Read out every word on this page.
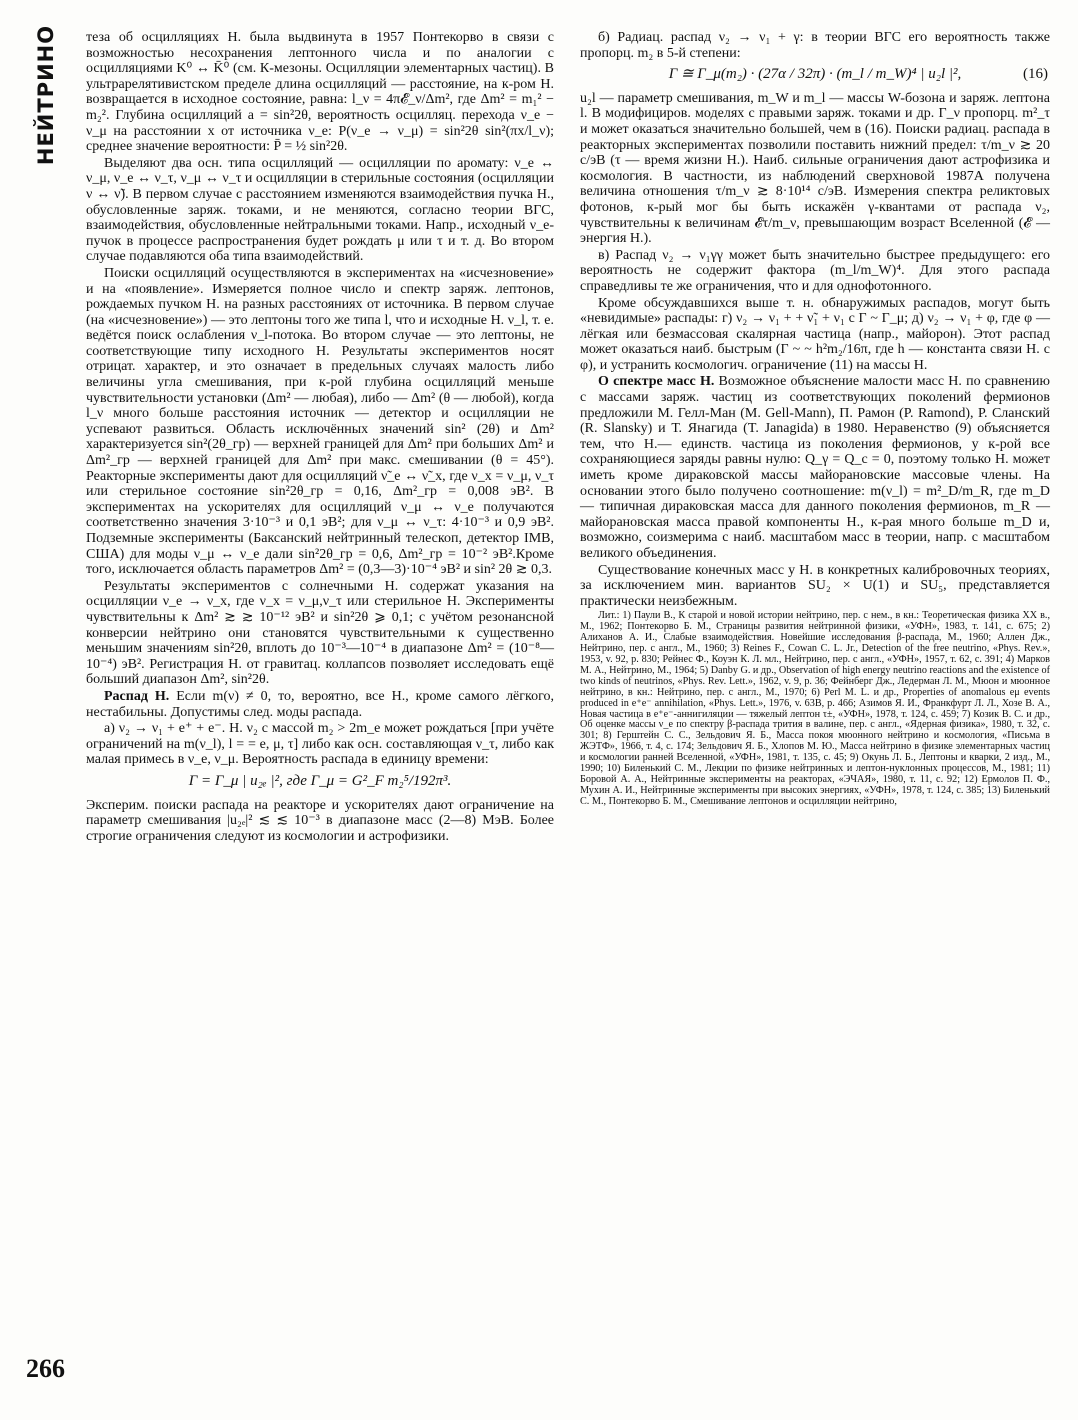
НЕЙТРИНО
266

теза об осцилляциях Н. была выдвинута в 1957 Понтекорво в связи с возможностью несохранения лептонного числа и по аналогии с осцилляциями K⁰ ↔ K̄⁰ (см. К-мезоны. Осцилляции элементарных частиц). В ультрарелятивистском пределе длина осцилляций — расстояние, на к-ром Н. возвращается в исходное состояние, равна: l_ν = 4π𝓔_ν/Δm², где Δm² = m₁² − m₂². Глубина осцилляций a = sin²2θ, вероятность осцилляц. перехода ν_e − ν_μ на расстоянии x от источника ν_e: P(ν_e → ν_μ) = sin²2θ sin²(πx/l_ν); среднее значение вероятности: P̄ = ½ sin²2θ.

Выделяют два осн. типа осцилляций — осцилляции по аромату: ν_e ↔ ν_μ, ν_e ↔ ν_τ, ν_μ ↔ ν_τ и осцилляции в стерильные состояния (осцилляции ν ↔ ν̃). В первом случае с расстоянием изменяются взаимодействия пучка Н., обусловленные заряж. токами, и не меняются, согласно теории ВГС, взаимодействия, обусловленные нейтральными токами. Напр., исходный ν_e-пучок в процессе распространения будет рождать μ или τ и т. д. Во втором случае подавляются оба типа взаимодействий.

Поиски осцилляций осуществляются в экспериментах на «исчезновение» и на «появление». Измеряется полное число и спектр заряж. лептонов, рождаемых пучком Н. на разных расстояниях от источника. В первом случае (на «исчезновение») — это лептоны того же типа l, что и исходные Н. ν_l, т. е. ведётся поиск ослабления ν_l-потока. Во втором случае — это лептоны, не соответствующие типу исходного Н. Результаты экспериментов носят отрицат. характер, и это означает в предельных случаях малость либо величины угла смешивания, при к-рой глубина осцилляций меньше чувствительности установки (Δm² — любая), либо — Δm² (θ — любой), когда l_ν много больше расстояния источник — детектор и осцилляции не успевают развиться. Область исключённых значений sin² (2θ) и Δm² характеризуется sin²(2θ_гр) — верхней границей для Δm² при больших Δm² и Δm²_гр — верхней границей для Δm² при макс. смешивании (θ = 45°). Реакторные эксперименты дают для осцилляций ν̃_e ↔ ν̃_x, где ν_x = ν_μ, ν_τ или стерильное состояние sin²2θ_гр = 0,16, Δm²_гр = 0,008 эВ². В экспериментах на ускорителях для осцилляций ν_μ ↔ ν_e получаются соответственно значения 3·10⁻³ и 0,1 эВ²; для ν_μ ↔ ν_τ: 4·10⁻³ и 0,9 эВ². Подземные эксперименты (Баксанский нейтринный телескоп, детектор IMB, США) для моды ν_μ ↔ ν_e дали sin²2θ_гр = 0,6, Δm²_гр = 10⁻² эВ².Кроме того, исключается область параметров Δm² = (0,3—3)·10⁻⁴ эВ² и sin² 2θ ≳ 0,3.

Результаты экспериментов с солнечными Н. содержат указания на осцилляции ν_e → ν_x, где ν_x = ν_μ,ν_τ или стерильное Н. Эксперименты чувствительны к Δm² ≳ ≳ 10⁻¹² эВ² и sin²2θ ⩾ 0,1; с учётом резонансной конверсии нейтрино они становятся чувствительными к существенно меньшим значениям sin²2θ, вплоть до 10⁻³—10⁻⁴ в диапазоне Δm² = (10⁻⁸—10⁻⁴) эВ². Регистрация Н. от гравитац. коллапсов позволяет исследовать ещё больший диапазон Δm², sin²2θ.

Распад Н. Если m(ν) ≠ 0, то, вероятно, все Н., кроме самого лёгкого, нестабильны. Допустимы след. моды распада.

а) ν₂ → ν₁ + e⁺ + e⁻. Н. ν₂ с массой m₂ > 2m_e может рождаться [при учёте ограничений на m(ν_l), l = = e, μ, τ] либо как осн. составляющая ν_τ, либо как малая примесь в ν_e, ν_μ. Вероятность распада в единицу времени:

Γ = Γ_μ | u₂ₑ |², где Γ_μ = G²_F m₂⁵/192π³.

Эксперим. поиски распада на реакторе и ускорителях дают ограничение на параметр смешивания |u₂ₑ|² ≲ ≲ 10⁻³ в диапазоне масс (2—8) МэВ. Более строгие ограничения следуют из космологии и астрофизики.

б) Радиац. распад ν₂ → ν₁ + γ: в теории ВГС его вероятность также пропорц. m₂ в 5-й степени:

Γ ≅ Γ_μ(m₂) · (27α / 32π) · (m_l / m_W)⁴ | u₂l |²,	(16)

u₂l — параметр смешивания, m_W и m_l — массы W-бозона и заряж. лептона l. В модифициров. моделях с правыми заряж. токами и др. Γ_ν пропорц. m²_τ и может оказаться значительно большей, чем в (16). Поиски радиац. распада в реакторных экспериментах позволили поставить нижний предел: τ/m_ν ≳ 20 с/эВ (τ — время жизни Н.). Наиб. сильные ограничения дают астрофизика и космология. В частности, из наблюдений сверхновой 1987А получена величина отношения τ/m_ν ≳ 8·10¹⁴ с/эВ. Измерения спектра реликтовых фотонов, к-рый мог бы быть искажён γ-квантами от распада ν₂, чувствительны к величинам 𝓔τ/m_ν, превышающим возраст Вселенной (𝓔 — энергия Н.).

в) Распад ν₂ → ν₁γγ может быть значительно быстрее предыдущего: его вероятность не содержит фактора (m_l/m_W)⁴. Для этого распада справедливы те же ограничения, что и для однофотонного.

Кроме обсуждавшихся выше т. н. обнаружимых распадов, могут быть «невидимые» распады: г) ν₂ → ν₁ + + ν̃₁ + ν₁ с Γ ~ Γ_μ; д) ν₂ → ν₁ + φ, где φ — лёгкая или безмассовая скалярная частица (напр., майорон). Этот распад может оказаться наиб. быстрым (Γ ~ ~ h²m₂/16π, где h — константа связи Н. с φ), и устранить космологич. ограничение (11) на массы Н.

О спектре масс Н. Возможное объяснение малости масс Н. по сравнению с массами заряж. частиц из соответствующих поколений фермионов предложили М. Гелл-Ман (M. Gell-Mann), П. Рамон (P. Ramond), Р. Сланский (R. Slansky) и Т. Янагида (T. Janagida) в 1980. Неравенство (9) объясняется тем, что Н.— единств. частица из поколения фермионов, у к-рой все сохраняющиеся заряды равны нулю: Q_γ = Q_c = 0, поэтому только Н. может иметь кроме дираковской массы майорановские массовые члены. На основании этого было получено соотношение: m(ν_l) = m²_D/m_R, где m_D — типичная дираковская масса для данного поколения фермионов, m_R — майорановская масса правой компоненты Н., к-рая много больше m_D и, возможно, соизмерима с наиб. масштабом масс в теории, напр. с масштабом великого объединения.

Существование конечных масс у Н. в конкретных калибровочных теориях, за исключением мин. вариантов SU₂ × U(1) и SU₅, представляется практически неизбежным.

Лит.: 1) Паули В., К старой и новой истории нейтрино, пер. с нем., в кн.: Теоретическая физика XX в., М., 1962; Понтекорво Б. М., Страницы развития нейтринной физики, «УФН», 1983, т. 141, с. 675; 2) Алиханов А. И., Слабые взаимодействия. Новейшие исследования β-распада, М., 1960; Аллен Дж., Нейтрино, пер. с англ., М., 1960; 3) Reines F., Cowan C. L. Jr., Detection of the free neutrino, «Phys. Rev.», 1953, v. 92, p. 830; Рейнес Ф., Коуэн К. Л. мл., Нейтрино, пер. с англ., «УФН», 1957, т. 62, с. 391; 4) Марков М. А., Нейтрино, М., 1964; 5) Danby G. и др., Observation of high energy neutrino reactions and the existence of two kinds of neutrinos, «Phys. Rev. Lett.», 1962, v. 9, p. 36; Фейнберг Дж., Ледерман Л. М., Мюон и мюонное нейтрино, в кн.: Нейтрино, пер. с англ., М., 1970; 6) Perl M. L. и др., Properties of anomalous eμ events produced in e⁺e⁻ annihilation, «Phys. Lett.», 1976, v. 63B, p. 466; Азимов Я. И., Франкфурт Л. Л., Хозе В. А., Новая частица в e⁺e⁻-аннигиляции — тяжелый лептон τ±, «УФН», 1978, т. 124, с. 459; 7) Козик В. С. и др., Об оценке массы ν_e по спектру β-распада трития в валине, пер. с англ., «Ядерная физика», 1980, т. 32, с. 301; 8) Герштейн С. С., Зельдович Я. Б., Масса покоя мюонного нейтрино и космология, «Письма в ЖЭТФ», 1966, т. 4, с. 174; Зельдович Я. Б., Хлопов М. Ю., Масса нейтрино в физике элементарных частиц и космологии ранней Вселенной, «УФН», 1981, т. 135, с. 45; 9) Окунь Л. Б., Лептоны и кварки, 2 изд., М., 1990; 10) Биленький С. М., Лекции по физике нейтринных и лептон-нуклонных процессов, М., 1981; 11) Боровой А. А., Нейтринные эксперименты на реакторах, «ЭЧАЯ», 1980, т. 11, с. 92; 12) Ермолов П. Ф., Мухин А. И., Нейтринные эксперименты при высоких энергиях, «УФН», 1978, т. 124, с. 385; 13) Биленький С. М., Понтекорво Б. М., Смешивание лептонов и осцилляции нейтрино,
